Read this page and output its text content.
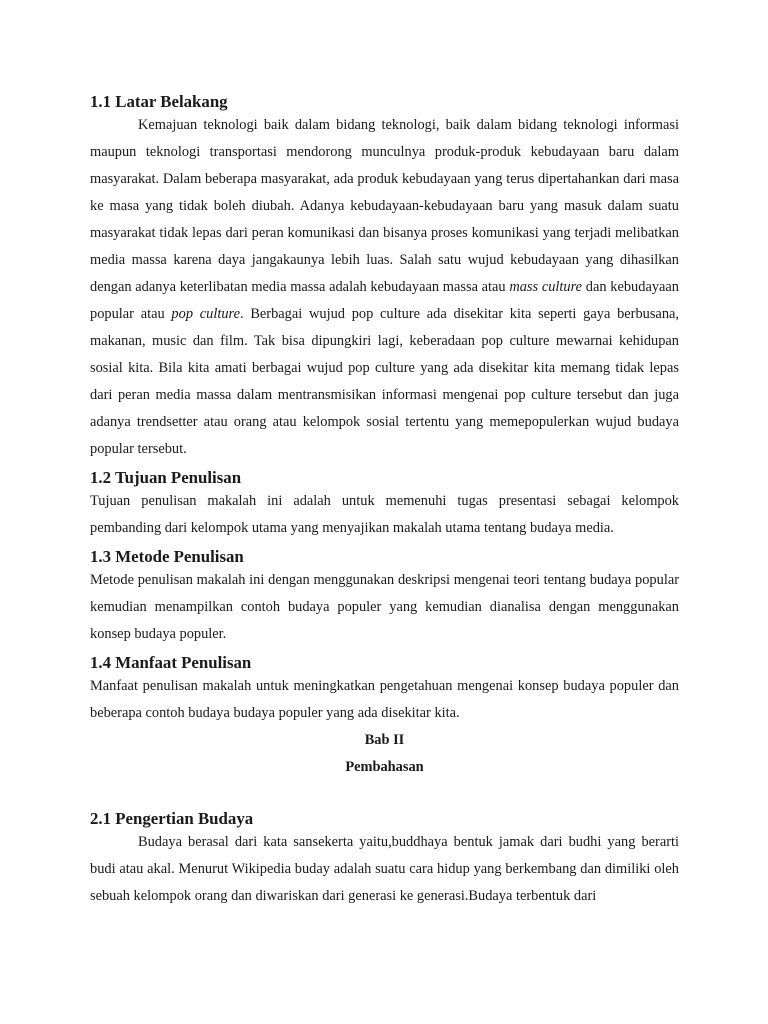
1.1 Latar Belakang

Kemajuan teknologi baik dalam bidang teknologi, baik dalam bidang teknologi informasi maupun teknologi transportasi mendorong munculnya produk-produk kebudayaan baru dalam masyarakat. Dalam beberapa masyarakat, ada produk kebudayaan yang terus dipertahankan dari masa ke masa yang tidak boleh diubah. Adanya kebudayaan-kebudayaan baru yang masuk dalam suatu masyarakat tidak lepas dari peran komunikasi dan bisanya proses komunikasi yang terjadi melibatkan media massa karena daya jangakaunya lebih luas. Salah satu wujud kebudayaan yang dihasilkan dengan adanya keterlibatan media massa adalah kebudayaan massa atau mass culture dan kebudayaan popular atau pop culture. Berbagai wujud pop culture ada disekitar kita seperti gaya berbusana, makanan, music dan film. Tak bisa dipungkiri lagi, keberadaan pop culture mewarnai kehidupan sosial kita. Bila kita amati berbagai wujud pop culture yang ada disekitar kita memang tidak lepas dari peran media massa dalam mentransmisikan informasi mengenai pop culture tersebut dan juga adanya trendsetter atau orang atau kelompok sosial tertentu yang memepopulerkan wujud budaya popular tersebut.

1.2 Tujuan Penulisan

Tujuan penulisan makalah ini adalah untuk memenuhi tugas presentasi sebagai kelompok pembanding dari kelompok utama yang menyajikan makalah utama tentang budaya media.

1.3 Metode Penulisan

Metode penulisan makalah ini dengan menggunakan deskripsi mengenai teori tentang budaya popular kemudian menampilkan contoh budaya populer yang kemudian dianalisa dengan menggunakan konsep budaya populer.

1.4 Manfaat Penulisan

Manfaat penulisan makalah untuk meningkatkan pengetahuan mengenai konsep budaya populer dan beberapa contoh budaya budaya populer yang ada disekitar kita.

Bab II
Pembahasan
2.1 Pengertian Budaya

Budaya berasal dari kata sansekerta yaitu,buddhaya bentuk jamak dari budhi yang berarti budi atau akal. Menurut Wikipedia buday adalah suatu cara hidup yang berkembang dan dimiliki oleh sebuah kelompok orang dan diwariskan dari generasi ke generasi.Budaya terbentuk dari
